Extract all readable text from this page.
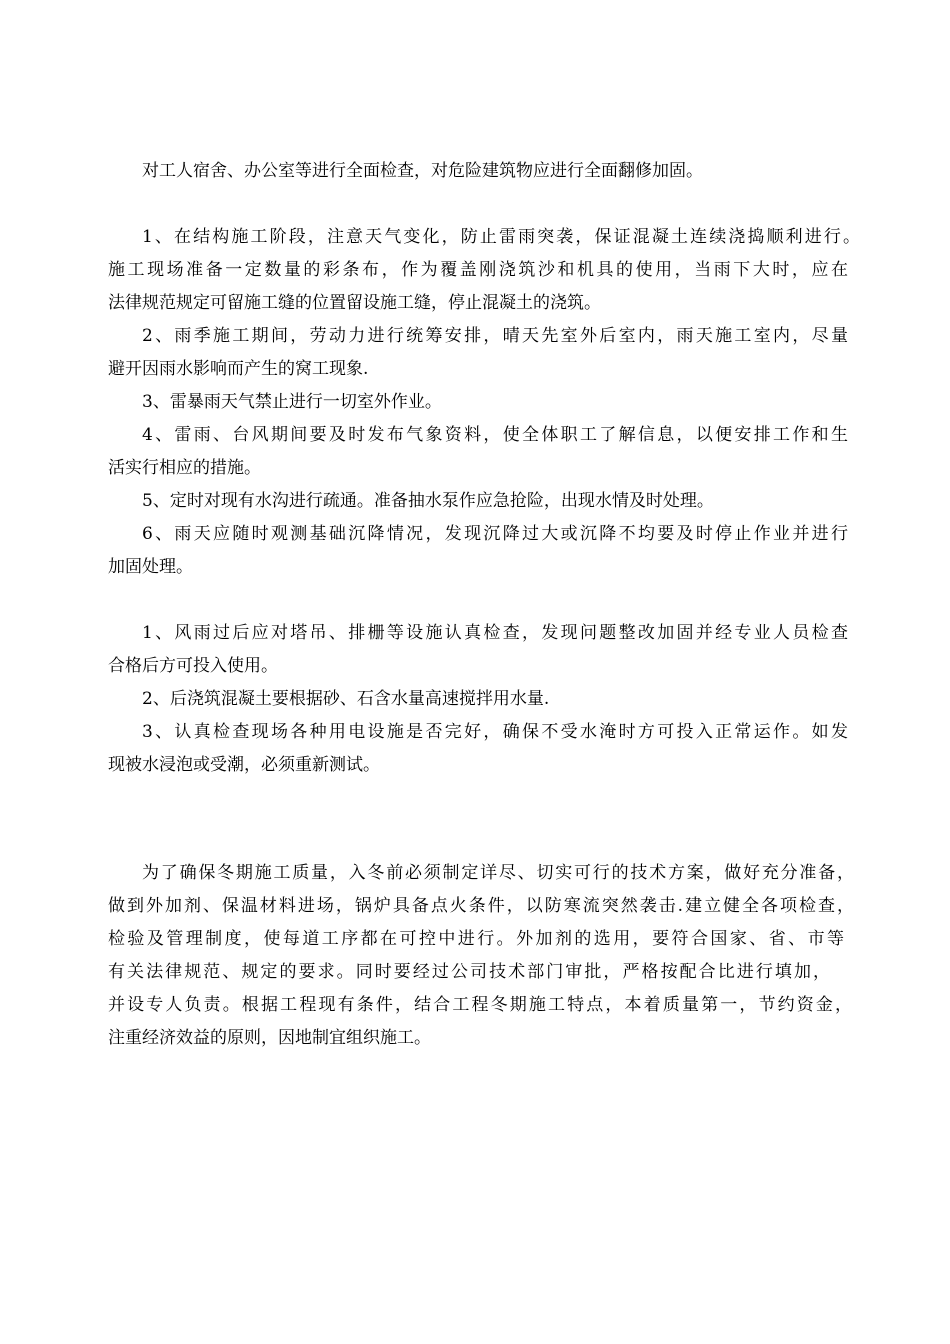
对工人宿舍、办公室等进行全面检查，对危险建筑物应进行全面翻修加固。

1、在结构施工阶段，注意天气变化，防止雷雨突袭，保证混凝土连续浇捣顺利进行。

施工现场准备一定数量的彩条布，作为覆盖刚浇筑沙和机具的使用，当雨下大时，应在

法律规范规定可留施工缝的位置留设施工缝，停止混凝土的浇筑。

2、雨季施工期间，劳动力进行统筹安排，晴天先室外后室内，雨天施工室内，尽量

避开因雨水影响而产生的窝工现象.

3、雷暴雨天气禁止进行一切室外作业。

4、雷雨、台风期间要及时发布气象资料，使全体职工了解信息，以便安排工作和生

活实行相应的措施。

5、定时对现有水沟进行疏通。准备抽水泵作应急抢险，出现水情及时处理。

6、雨天应随时观测基础沉降情况，发现沉降过大或沉降不均要及时停止作业并进行

加固处理。

1、风雨过后应对塔吊、排栅等设施认真检查，发现问题整改加固并经专业人员检查

合格后方可投入使用。

2、后浇筑混凝土要根据砂、石含水量高速搅拌用水量.

3、认真检查现场各种用电设施是否完好，确保不受水淹时方可投入正常运作。如发

现被水浸泡或受潮，必须重新测试。

为了确保冬期施工质量，入冬前必须制定详尽、切实可行的技术方案，做好充分准备，

做到外加剂、保温材料进场，锅炉具备点火条件，以防寒流突然袭击.建立健全各项检查，

检验及管理制度，使每道工序都在可控中进行。外加剂的选用，要符合国家、省、市等

有关法律规范、规定的要求。同时要经过公司技术部门审批，严格按配合比进行填加，

并设专人负责。根据工程现有条件，结合工程冬期施工特点，本着质量第一，节约资金，

注重经济效益的原则，因地制宜组织施工。
